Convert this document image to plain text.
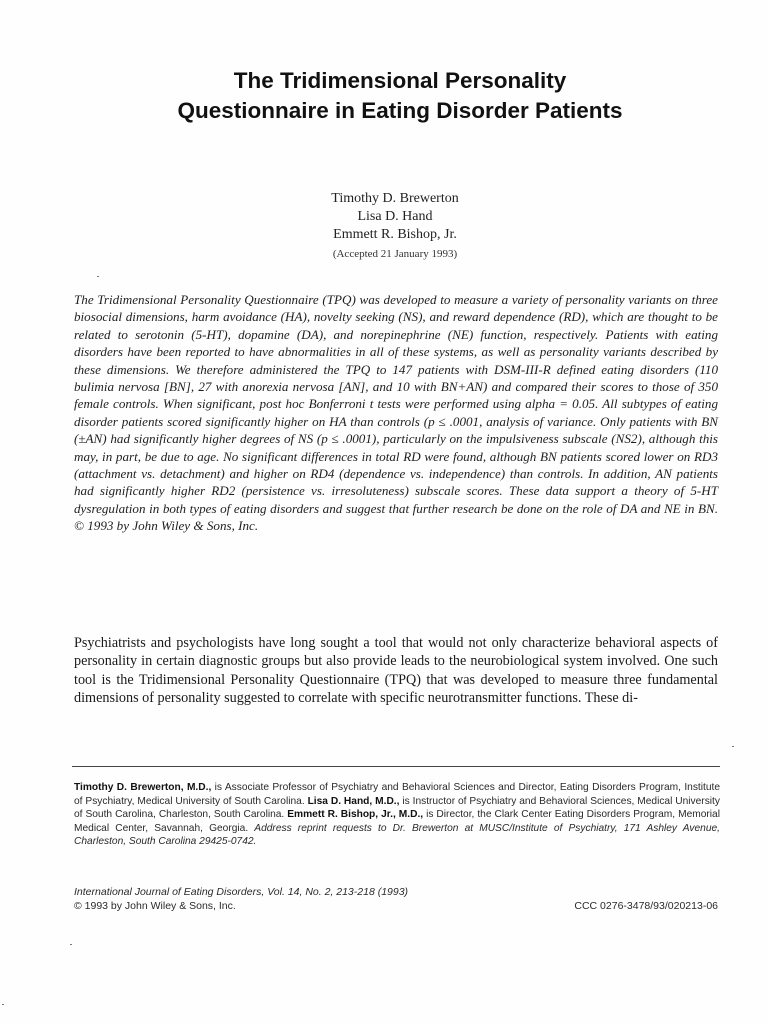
The Tridimensional Personality
Questionnaire in Eating Disorder Patients
Timothy D. Brewerton
Lisa D. Hand
Emmett R. Bishop, Jr.
(Accepted 21 January 1993)

The Tridimensional Personality Questionnaire (TPQ) was developed to measure a variety of personality variants on three biosocial dimensions, harm avoidance (HA), novelty seeking (NS), and reward dependence (RD), which are thought to be related to serotonin (5-HT), dopamine (DA), and norepinephrine (NE) function, respectively. Patients with eating disorders have been reported to have abnormalities in all of these systems, as well as personality variants described by these dimensions. We therefore administered the TPQ to 147 patients with DSM-III-R defined eating disorders (110 bulimia nervosa [BN], 27 with anorexia nervosa [AN], and 10 with BN+AN) and compared their scores to those of 350 female controls. When significant, post hoc Bonferroni t tests were performed using alpha = 0.05. All subtypes of eating disorder patients scored significantly higher on HA than controls (p ≤ .0001, analysis of variance. Only patients with BN (±AN) had significantly higher degrees of NS (p ≤ .0001), particularly on the impulsiveness subscale (NS2), although this may, in part, be due to age. No significant differences in total RD were found, although BN patients scored lower on RD3 (attachment vs. detachment) and higher on RD4 (dependence vs. independence) than controls. In addition, AN patients had significantly higher RD2 (persistence vs. irresoluteness) subscale scores. These data support a theory of 5-HT dysregulation in both types of eating disorders and suggest that further research be done on the role of DA and NE in BN. © 1993 by John Wiley & Sons, Inc.

Psychiatrists and psychologists have long sought a tool that would not only characterize behavioral aspects of personality in certain diagnostic groups but also provide leads to the neurobiological system involved. One such tool is the Tridimensional Personality Questionnaire (TPQ) that was developed to measure three fundamental dimensions of personality suggested to correlate with specific neurotransmitter functions. These di-

Timothy D. Brewerton, M.D., is Associate Professor of Psychiatry and Behavioral Sciences and Director, Eating Disorders Program, Institute of Psychiatry, Medical University of South Carolina. Lisa D. Hand, M.D., is Instructor of Psychiatry and Behavioral Sciences, Medical University of South Carolina, Charleston, South Carolina. Emmett R. Bishop, Jr., M.D., is Director, the Clark Center Eating Disorders Program, Memorial Medical Center, Savannah, Georgia. Address reprint requests to Dr. Brewerton at MUSC/Institute of Psychiatry, 171 Ashley Avenue, Charleston, South Carolina 29425-0742.

International Journal of Eating Disorders, Vol. 14, No. 2, 213-218 (1993)
© 1993 by John Wiley & Sons, Inc.	CCC 0276-3478/93/020213-06
